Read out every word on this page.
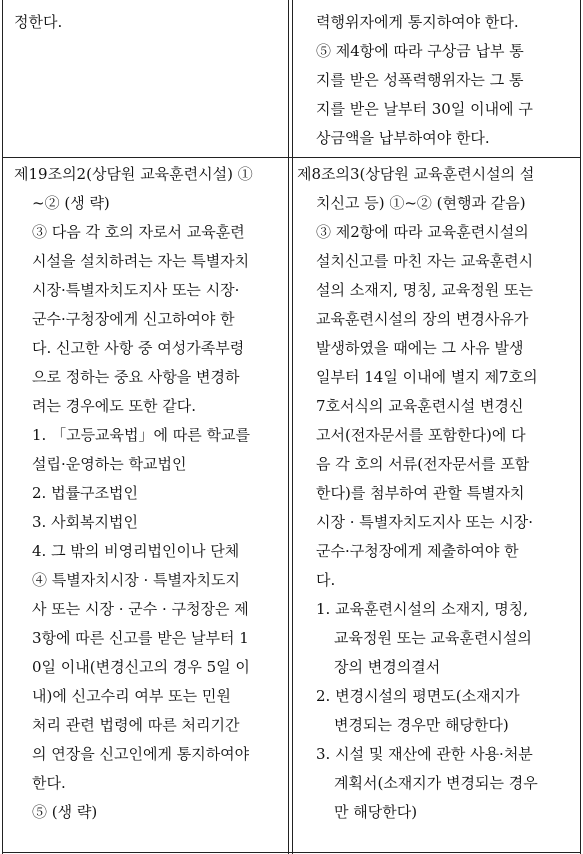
정한다.
제19조의2(상담원 교육훈련시설) ①
~② (생 략)
③ 다음 각 호의 자로서 교육훈련
시설을 설치하려는 자는 특별자치
시장·특별자치도지사 또는 시장·
군수·구청장에게 신고하여야 한
다. 신고한 사항 중 여성가족부령
으로 정하는 중요 사항을 변경하
려는 경우에도 또한 같다.
1. 「고등교육법」에 따른 학교를
설립·운영하는 학교법인
2. 법률구조법인
3. 사회복지법인
4. 그 밖의 비영리법인이나 단체
④ 특별자치시장 · 특별자치도지
사 또는 시장 · 군수 · 구청장은 제
3항에 따른 신고를 받은 날부터 1
0일 이내(변경신고의 경우 5일 이
내)에 신고수리 여부 또는 민원
처리 관련 법령에 따른 처리기간
의 연장을 신고인에게 통지하여야
한다.
⑤ (생 략)
력행위자에게 통지하여야 한다.
⑤ 제4항에 따라 구상금 납부 통
지를 받은 성폭력행위자는 그 통
지를 받은 날부터 30일 이내에 구
상금액을 납부하여야 한다.
제8조의3(상담원 교육훈련시설의 설
치신고 등) ①~② (현행과 같음)
③ 제2항에 따라 교육훈련시설의
설치신고를 마친 자는 교육훈련시
설의 소재지, 명칭, 교육정원 또는
교육훈련시설의 장의 변경사유가
발생하였을 때에는 그 사유 발생
일부터 14일 이내에 별지 제7호의
7호서식의 교육훈련시설 변경신
고서(전자문서를 포함한다)에 다
음 각 호의 서류(전자문서를 포함
한다)를 첨부하여 관할 특별자치
시장 · 특별자치도지사 또는 시장·
군수·구청장에게 제출하여야 한
다.
1. 교육훈련시설의 소재지, 명칭,
교육정원 또는 교육훈련시설의
장의 변경의결서
2. 변경시설의 평면도(소재지가
변경되는 경우만 해당한다)
3. 시설 및 재산에 관한 사용·처분
계획서(소재지가 변경되는 경우
만 해당한다)
